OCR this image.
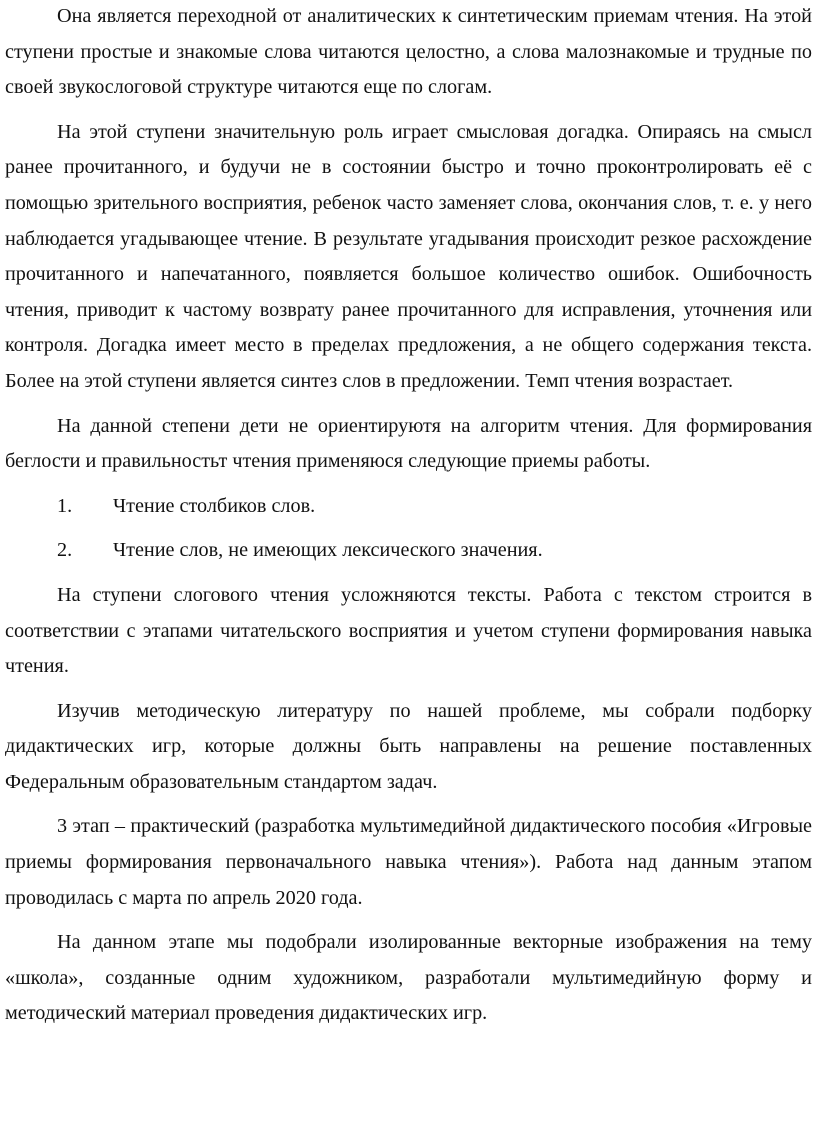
Она является переходной от аналитических к синтетическим приемам чтения. На этой ступени простые и знакомые слова читаются целостно, а слова малознакомые и трудные по своей звукослоговой структуре читаются еще по слогам.

На этой ступени значительную роль играет смысловая догадка. Опираясь на смысл ранее прочитанного, и будучи не в состоянии быстро и точно проконтролировать её с помощью зрительного восприятия, ребенок часто заменяет слова, окончания слов, т. е. у него наблюдается угадывающее чтение. В результате угадывания происходит резкое расхождение прочитанного и напечатанного, появляется большое количество ошибок. Ошибочность чтения, приводит к частому возврату ранее прочитанного для исправления, уточнения или контроля. Догадка имеет место в пределах предложения, а не общего содержания текста. Более на этой ступени является синтез слов в предложении. Темп чтения возрастает.

На данной степени дети не ориентируютя на алгоритм чтения. Для формирования беглости и правильностьт чтения применяюся следующие приемы работы.

1. Чтение столбиков слов.
2. Чтение слов, не имеющих лексического значения.

На ступени слогового чтения усложняются тексты. Работа с текстом строится в соответствии с этапами читательского восприятия и учетом ступени формирования навыка чтения.

Изучив методическую литературу по нашей проблеме, мы собрали подборку дидактических игр, которые должны быть направлены на решение поставленных Федеральным образовательным стандартом задач.

3 этап – практический (разработка мультимедийной дидактического пособия «Игровые приемы формирования первоначального навыка чтения»). Работа над данным этапом проводилась с марта по апрель 2020 года.

На данном этапе мы подобрали изолированные векторные изображения на тему «школа», созданные одним художником, разработали мультимедийную форму и методический материал проведения дидактических игр.
